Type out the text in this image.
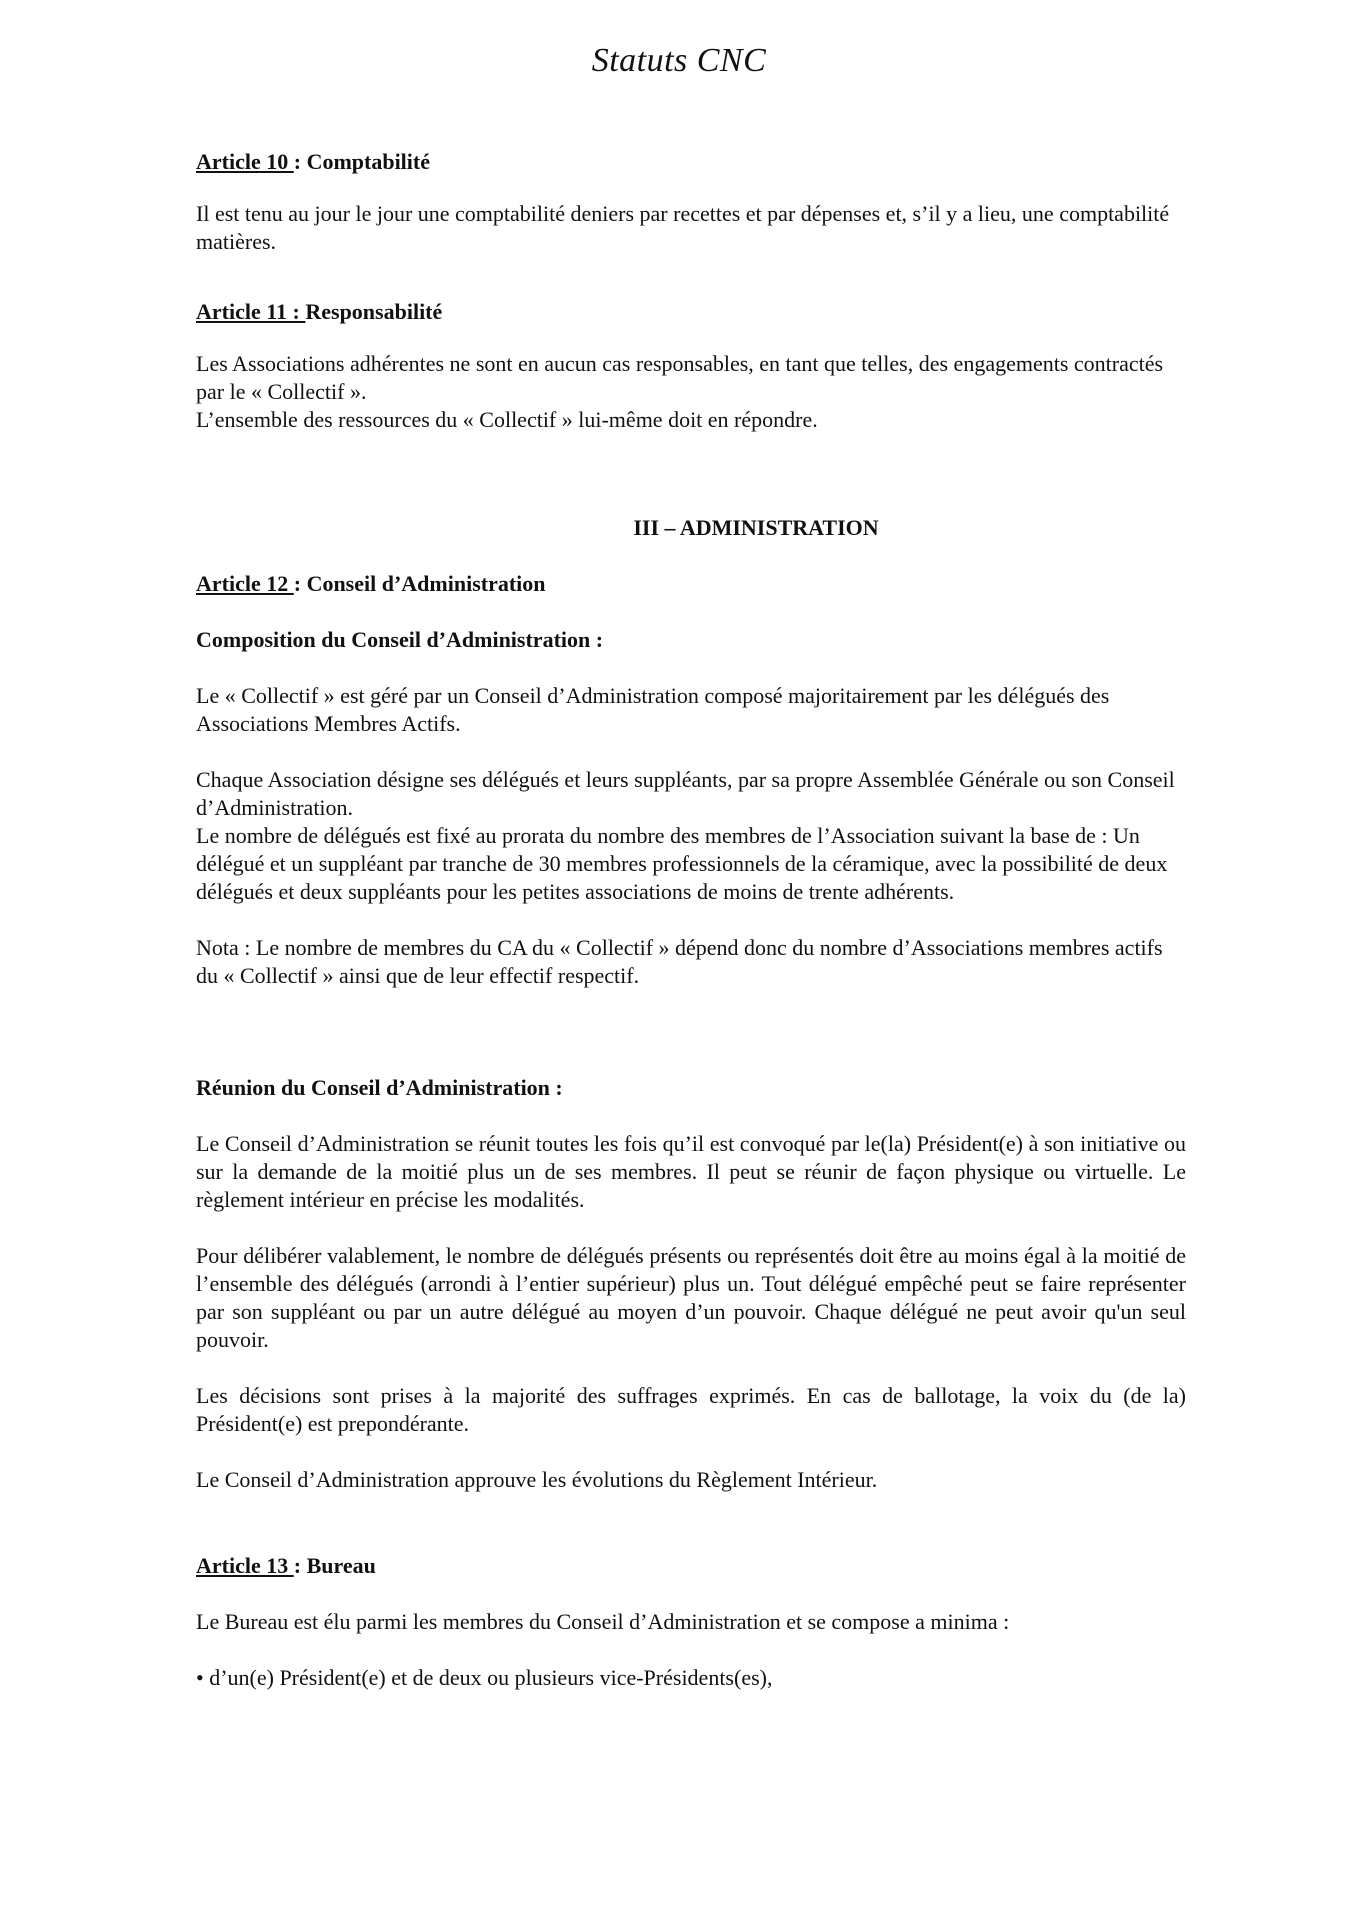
Statuts CNC

Article 10 : Comptabilité

Il est tenu au jour le jour une comptabilité deniers par recettes et par dépenses et, s’il y a lieu, une comptabilité matières.

Article 11 : Responsabilité

Les Associations adhérentes ne sont en aucun cas responsables, en tant que telles, des engagements contractés par le « Collectif ».

L’ensemble des ressources du « Collectif » lui-même doit en répondre.

III – ADMINISTRATION

Article 12 : Conseil d’Administration

Composition du Conseil d’Administration :

Le « Collectif » est géré par un Conseil d’Administration composé majoritairement par les délégués des Associations Membres Actifs.

Chaque Association désigne ses délégués et leurs suppléants, par sa propre Assemblée Générale ou son Conseil d’Administration.

Le nombre de délégués est fixé au prorata du nombre des membres de l’Association suivant la base de : Un délégué et un suppléant par tranche de 30 membres professionnels de la céramique, avec la possibilité de deux délégués et deux suppléants pour les petites associations de moins de trente adhérents.

Nota : Le nombre de membres du CA du « Collectif » dépend donc du nombre d’Associations membres actifs du « Collectif » ainsi que de leur effectif respectif.

Réunion du Conseil d’Administration :

Le Conseil d’Administration se réunit toutes les fois qu’il est convoqué par le(la) Président(e) à son initiative ou sur la demande de la moitié plus un de ses membres. Il peut se réunir de façon physique ou virtuelle. Le règlement intérieur en précise les modalités.

Pour délibérer valablement, le nombre de délégués présents ou représentés doit être au moins égal à la moitié de l’ensemble des délégués (arrondi à l’entier supérieur) plus un. Tout délégué empêché peut se faire représenter par son suppléant ou par un autre délégué au moyen d’un pouvoir. Chaque délégué ne peut avoir qu'un seul pouvoir.

Les décisions sont prises à la majorité des suffrages exprimés. En cas de ballotage, la voix du (de la) Président(e) est prepondérante.

Le Conseil d’Administration approuve les évolutions du Règlement Intérieur.

Article 13 : Bureau

Le Bureau est élu parmi les membres du Conseil d’Administration et se compose a minima :

• d’un(e) Président(e) et de deux ou plusieurs vice-Présidents(es),
